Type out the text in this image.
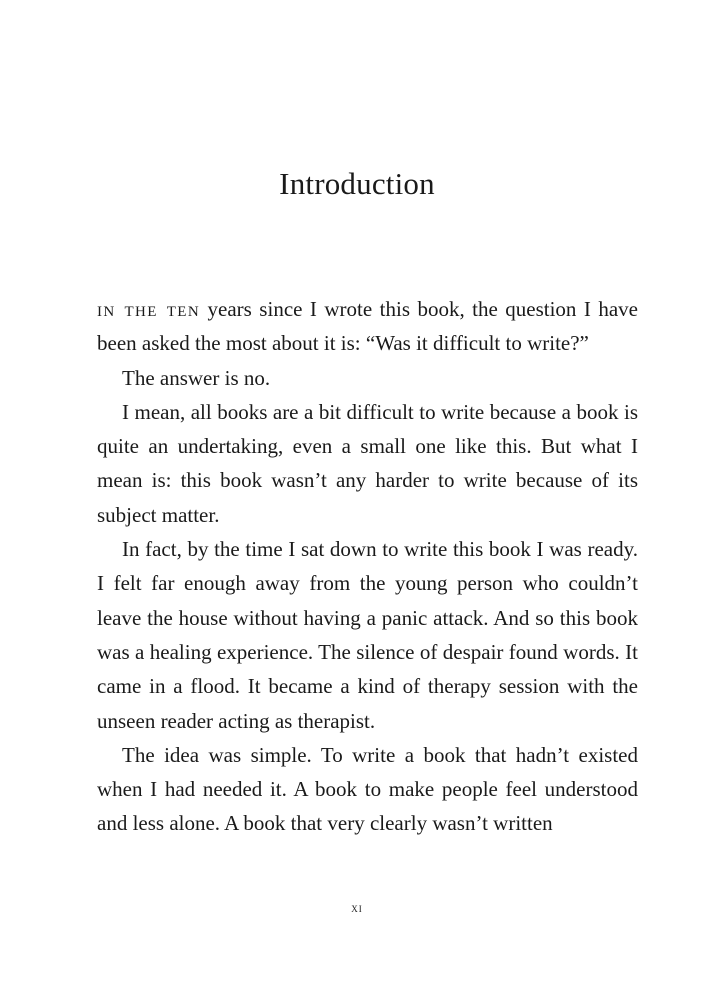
Introduction

in the ten years since I wrote this book, the question I have been asked the most about it is: “Was it difficult to write?”

The answer is no.

I mean, all books are a bit difficult to write because a book is quite an undertaking, even a small one like this. But what I mean is: this book wasn’t any harder to write because of its subject matter.

In fact, by the time I sat down to write this book I was ready. I felt far enough away from the young person who couldn’t leave the house without having a panic attack. And so this book was a healing experience. The silence of despair found words. It came in a flood. It became a kind of therapy session with the unseen reader acting as therapist.

The idea was simple. To write a book that hadn’t existed when I had needed it. A book to make people feel understood and less alone. A book that very clearly wasn’t written

xi
